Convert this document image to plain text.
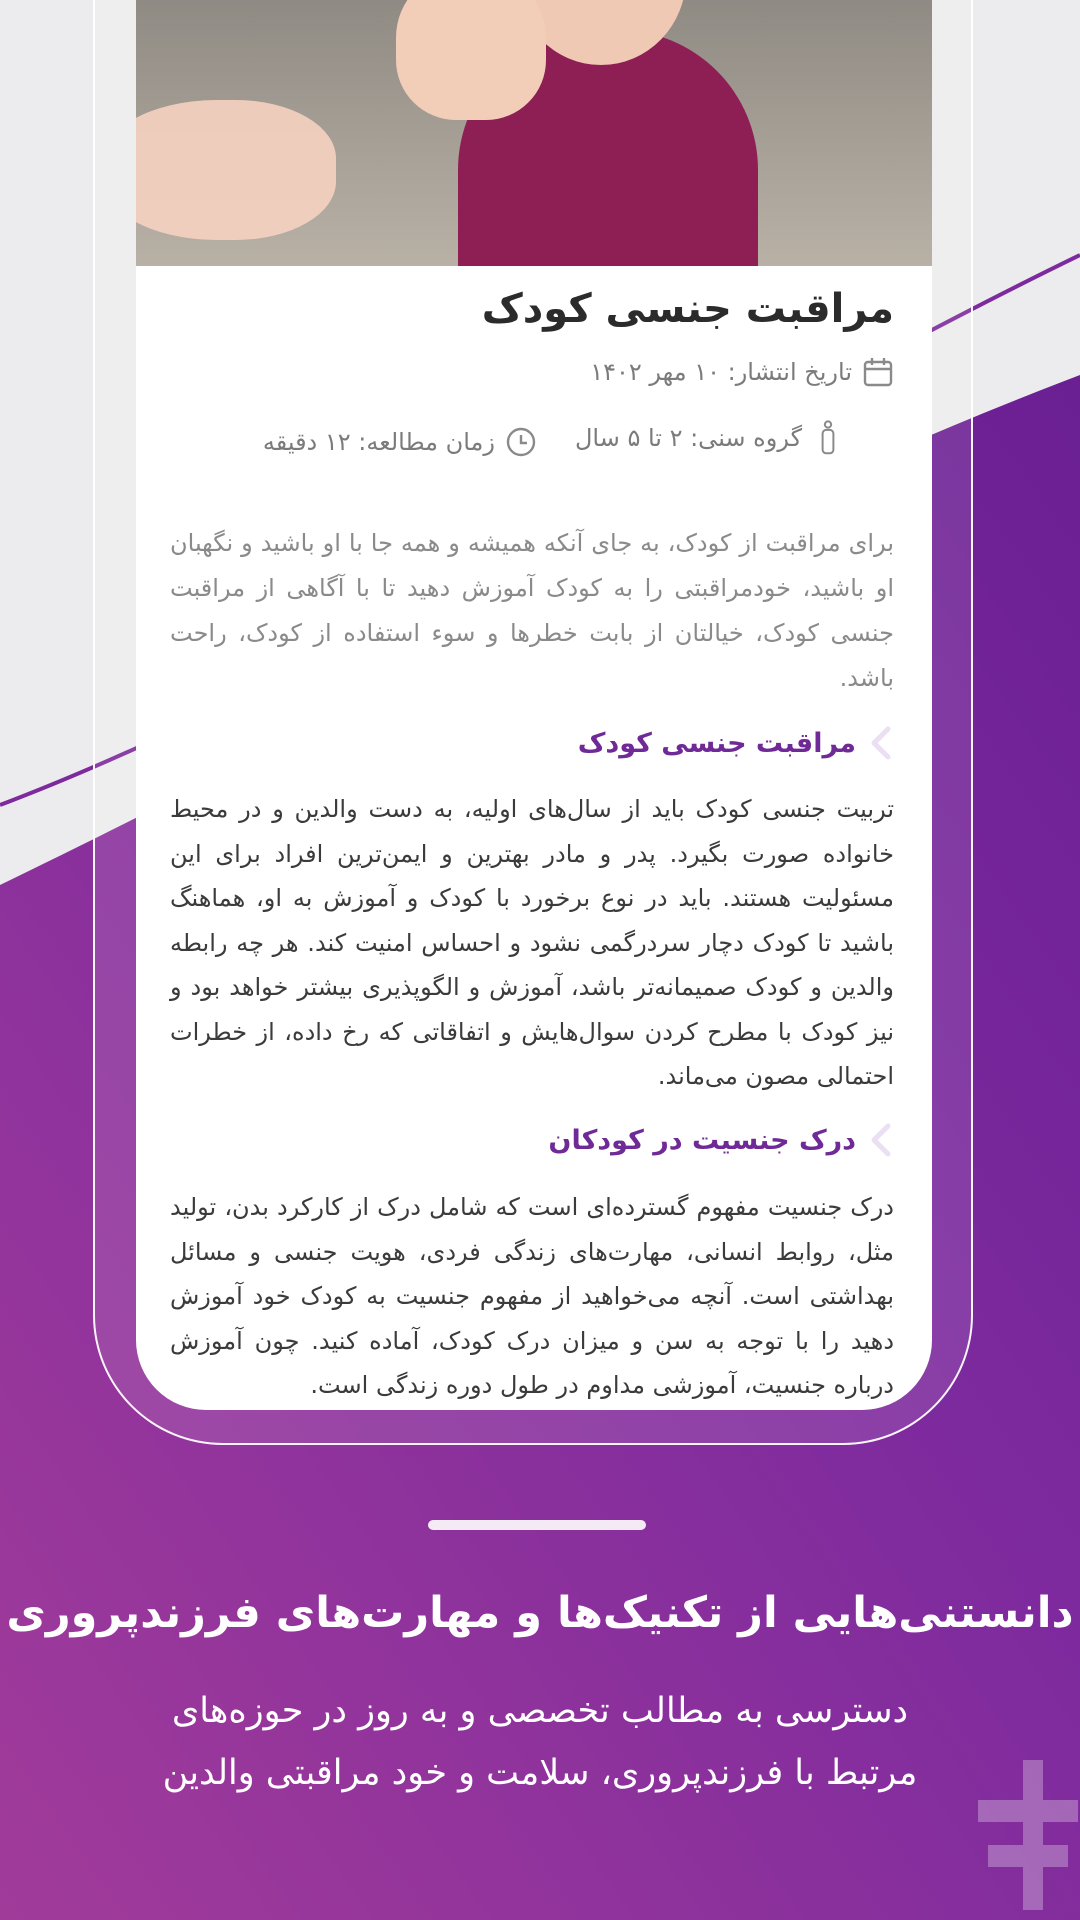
مراقبت جنسی کودک
تاریخ انتشار: ۱۰ مهر ۱۴۰۲
گروه سنی: ۲ تا ۵ سال
زمان مطالعه: ۱۲ دقیقه

برای مراقبت از کودک، به جای آنکه همیشه و همه جا با او باشید و نگهبان او باشید، خودمراقبتی را به کودک آموزش دهید تا با آگاهی از مراقبت جنسی کودک، خیالتان از بابت خطرها و سوء استفاده از کودک، راحت باشد.

مراقبت جنسی کودک

تربیت جنسی کودک باید از سال‌های اولیه، به دست والدین و در محیط خانواده صورت بگیرد. پدر و مادر بهترین و ایمن‌ترین افراد برای این مسئولیت هستند. باید در نوع برخورد با کودک و آموزش به او، هماهنگ باشید تا کودک دچار سردرگمی نشود و احساس امنیت کند. هر چه رابطه والدین و کودک صمیمانه‌تر باشد، آموزش و الگوپذیری بیشتر خواهد بود و نیز کودک با مطرح کردن سوال‌هایش و اتفاقاتی که رخ داده، از خطرات احتمالی مصون می‌ماند.

درک جنسیت در کودکان

درک جنسیت مفهوم گسترده‌ای است که شامل درک از کارکرد بدن، تولید مثل، روابط انسانی، مهارت‌های زندگی فردی، هویت جنسی و مسائل بهداشتی است. آنچه می‌خواهید از مفهوم جنسیت به کودک خود آموزش دهید را با توجه به سن و میزان درک کودک، آماده کنید. چون آموزش درباره جنسیت، آموزشی مداوم در طول دوره زندگی است.

دانستنی‌هایی از تکنیک‌ها و مهارت‌های فرزندپروری

دسترسی به مطالب تخصصی و به روز در حوزه‌های
مرتبط با فرزندپروری، سلامت و خود مراقبتی والدین
